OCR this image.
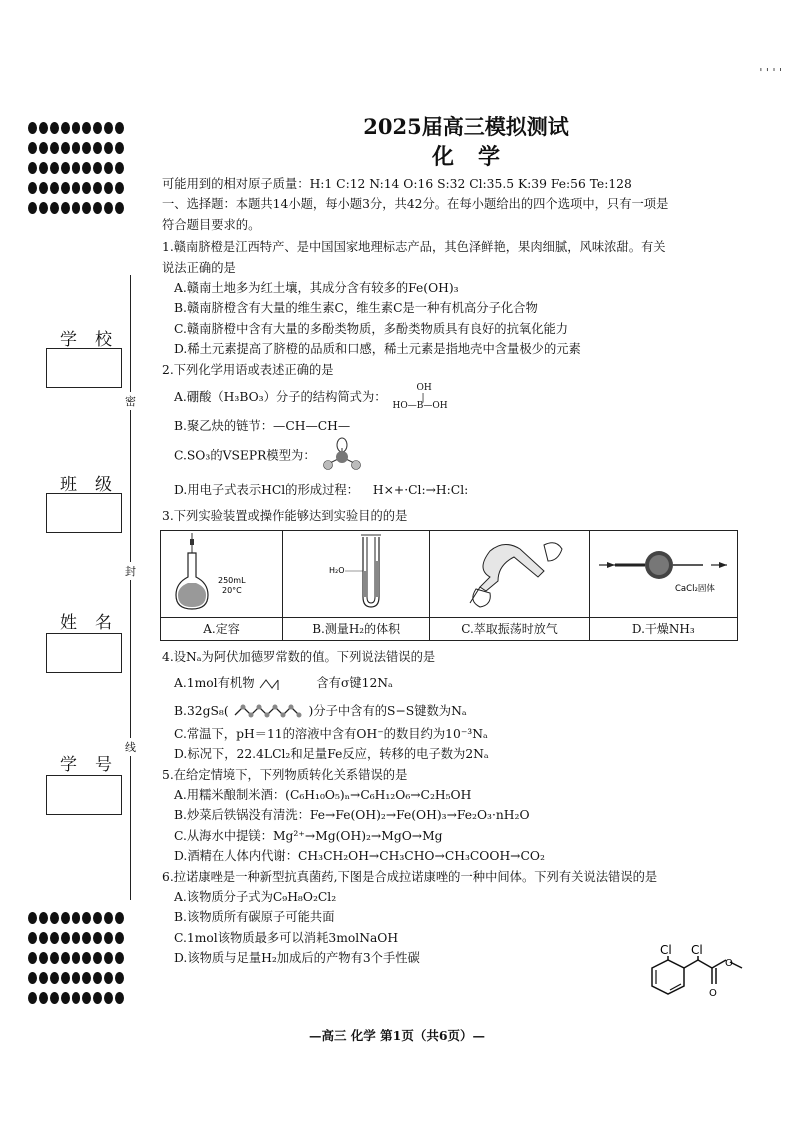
' ' ' '
密
封
线
学校
班级
姓名
学号

2025届高三模拟测试

化学

可能用到的相对原子质量：H:1 C:12 N:14 O:16 S:32 Cl:35.5 K:39 Fe:56 Te:128

一、选择题：本题共14小题，每小题3分，共42分。在每小题给出的四个选项中，只有一项是

符合题目要求的。

1.赣南脐橙是江西特产、是中国国家地理标志产品，其色泽鲜艳，果肉细腻，风味浓甜。有关

说法正确的是

A.赣南土地多为红土壤，其成分含有较多的Fe(OH)₃

B.赣南脐橙含有大量的维生素C，维生素C是一种有机高分子化合物

C.赣南脐橙中含有大量的多酚类物质，多酚类物质具有良好的抗氧化能力

D.稀土元素提高了脐橙的品质和口感，稀土元素是指地壳中含量极少的元素

2.下列化学用语或表述正确的是

A.硼酸（H₃BO₃）分子的结构简式为：
OH
|
HO—B—OH

B.聚乙炔的链节：—CH—CH—

C.SO₃的VSEPR模型为：
D.用电子式表示HCl的形成过程： H×+·Cl:→H:Cl:

3.下列实验装置或操作能够达到实验目的的是

250mL
20°C	H₂O		CaCl₂固体

A.定容	B.测量H₂的体积	C.萃取振荡时放气	D.干燥NH₃

4.设Nₐ为阿伏加德罗常数的值。下列说法错误的是

A.1mol有机物	含有σ键12Nₐ
B.32gS₈(	)分子中含有的S−S键数为Nₐ

C.常温下，pH＝11的溶液中含有OH⁻的数目约为10⁻³Nₐ

D.标况下，22.4LCl₂和足量Fe反应，转移的电子数为2Nₐ

5.在给定情境下，下列物质转化关系错误的是

A.用糯米酿制米酒：(C₆H₁₀O₅)ₙ→C₆H₁₂O₆→C₂H₅OH

B.炒菜后铁锅没有清洗：Fe→Fe(OH)₂→Fe(OH)₃→Fe₂O₃·nH₂O

C.从海水中提镁：Mg²⁺→Mg(OH)₂→MgO→Mg

D.酒精在人体内代谢：CH₃CH₂OH→CH₃CHO→CH₃COOH→CO₂

6.拉诺康唑是一种新型抗真菌药,下图是合成拉诺康唑的一种中间体。下列有关说法错误的是

A.该物质分子式为C₉H₈O₂Cl₂

B.该物质所有碳原子可能共面

C.1mol该物质最多可以消耗3molNaOH

D.该物质与足量H₂加成后的产物有3个手性碳

Cl Cl
O
O
—高三 化学 第1页（共6页）—
